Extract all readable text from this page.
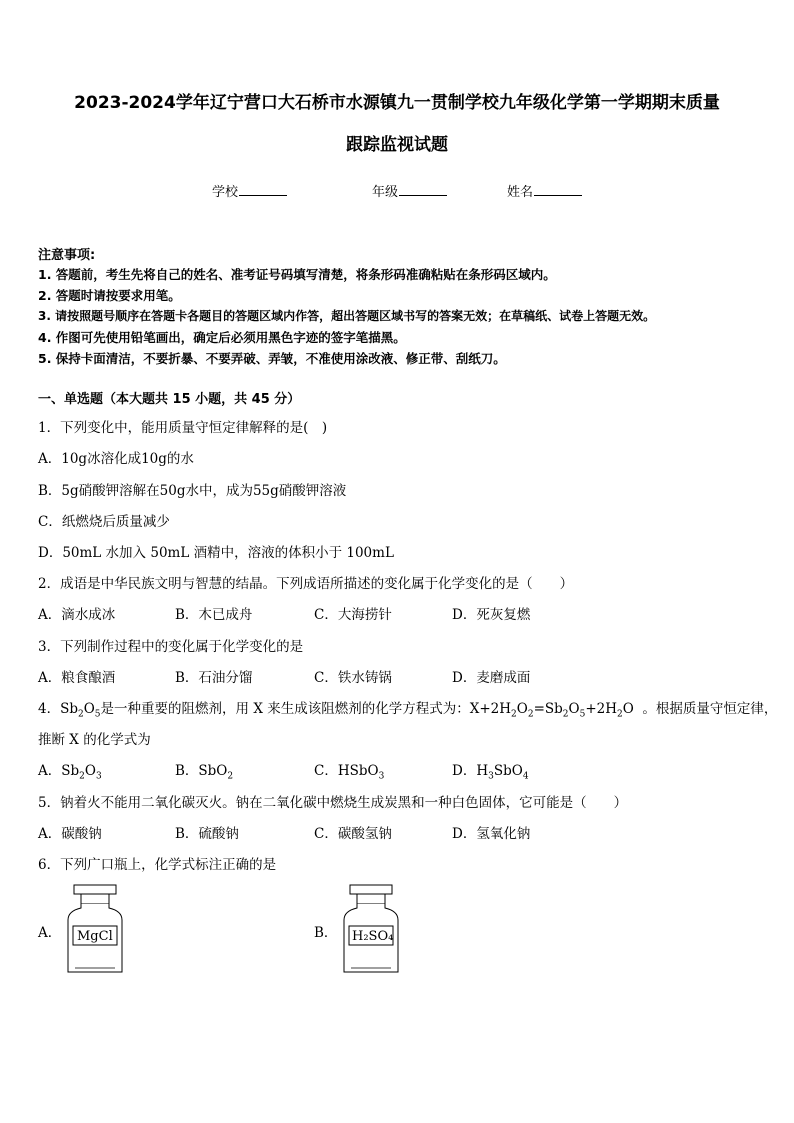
2023-2024学年辽宁营口大石桥市水源镇九一贯制学校九年级化学第一学期期末质量
跟踪监视试题
学校	年级	姓名
注意事项:
1. 答题前，考生先将自己的姓名、准考证号码填写清楚，将条形码准确粘贴在条形码区域内。
2. 答题时请按要求用笔。
3. 请按照题号顺序在答题卡各题目的答题区域内作答，超出答题区域书写的答案无效；在草稿纸、试卷上答题无效。
4. 作图可先使用铅笔画出，确定后必须用黑色字迹的签字笔描黑。
5. 保持卡面清洁，不要折暴、不要弄破、弄皱，不准使用涂改液、修正带、刮纸刀。
一、单选题（本大题共 15 小题，共 45 分）
1．下列变化中，能用质量守恒定律解释的是(　)
A．10g冰溶化成10g的水
B．5g硝酸钾溶解在50g水中，成为55g硝酸钾溶液
C．纸燃烧后质量减少
D．50mL 水加入 50mL 酒精中，溶液的体积小于 100mL
2．成语是中华民族文明与智慧的结晶。下列成语所描述的变化属于化学变化的是（　　）
A．滴水成冰	B．木已成舟	C．大海捞针	D．死灰复燃
3．下列制作过程中的变化属于化学变化的是
A．粮食酿酒	B．石油分馏	C．铁水铸锅	D．麦磨成面
4．$Sb_2O_5$是一种重要的阻燃剂，用 X 来生成该阻燃剂的化学方程式为：$X+2H_2O_2=Sb_2O_5+2H_2O$  。根据质量守恒定律，
推断 X 的化学式为
A．$Sb_2O_3$	B．SbO$_2$	C．HSbO$_3$	D．$H_3SbO_4$
5．钠着火不能用二氧化碳灭火。钠在二氧化碳中燃烧生成炭黑和一种白色固体，它可能是（　　）
A．碳酸钠	B．硫酸钠	C．碳酸氢钠	D．氢氧化钠
6．下列广口瓶上，化学式标注正确的是
A．	B．
MgCl	H₂SO₄
